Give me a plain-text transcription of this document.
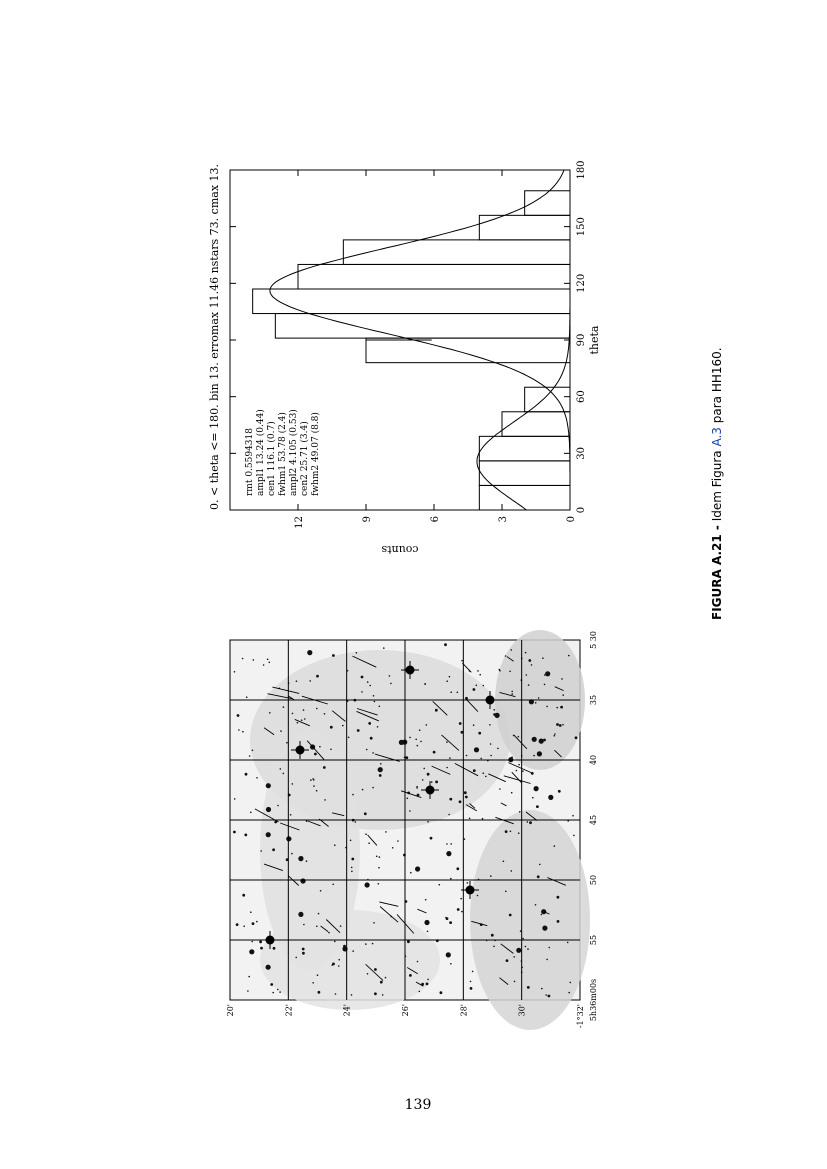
5h36m00s
55
50
45
40
35
5 30
-1°32'
30'
28'
26'
24'
22'
20'
0. < theta <= 180. bin 13. erromax 11.46 nstars 73. cmax 13.	0
30
60
90
120
150
180
0
3
6
9
12
theta
counts
rmt 0.5594318 ampl1 13.24 (0.44) cen1 116.1 (0.7) fwhm1 53.78 (2.4) ampl2 4.105 (0.53) cen2 25.71 (3.4) fwhm2 49.07 (8.8)
FIGURA A.21 - Idem Figura A.3 para HH160.
139
